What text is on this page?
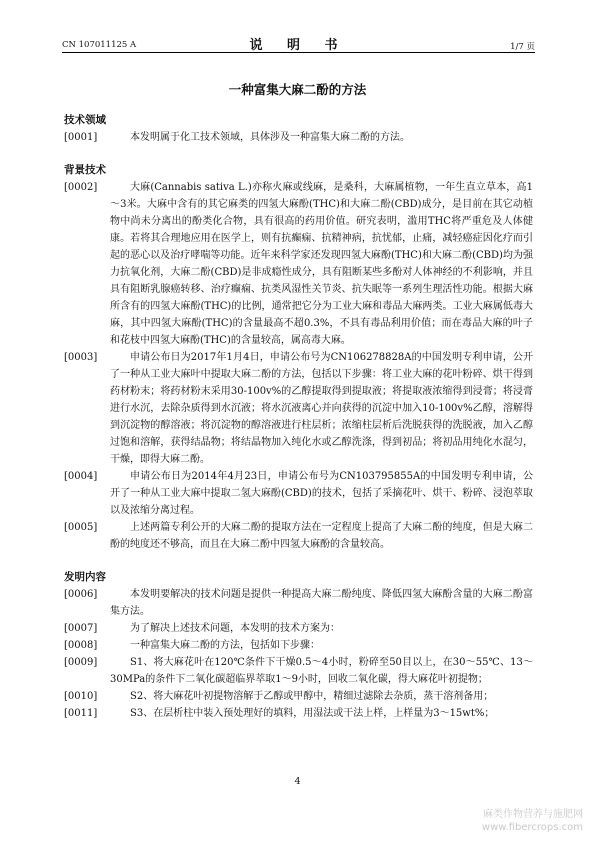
CN 107011125 A	说 明 书	1/7 页
一种富集大麻二酚的方法

技术领域

[0001]	本发明属于化工技术领域，具体涉及一种富集大麻二酚的方法。

背景技术

[0002]	大麻(Cannabis sativa L.)亦称火麻或线麻，是桑科，大麻属植物，一年生直立草本，高1～3米。大麻中含有的其它麻类的四氢大麻酚(THC)和大麻二酚(CBD)成分，是目前在其它动植物中尚未分离出的酚类化合物，具有很高的药用价值。研究表明，滥用THC将严重危及人体健康。若将其合理地应用在医学上，则有抗癫痫、抗精神病，抗忧郁，止痛，减轻癌症因化疗而引起的恶心以及治疗哮喘等功能。近年来科学家还发现四氢大麻酚(THC)和大麻二酚(CBD)均为强力抗氧化剂，大麻二酚(CBD)是非成瘾性成分，具有阻断某些多酚对人体神经的不利影响，并且具有阻断乳腺癌转移、治疗癫痫、抗类风湿性关节炎、抗失眠等一系列生理活性功能。根据大麻所含有的四氢大麻酚(THC)的比例，通常把它分为工业大麻和毒品大麻两类。工业大麻属低毒大麻，其中四氢大麻酚(THC)的含量最高不超0.3%，不具有毒品利用价值；而在毒品大麻的叶子和花枝中四氢大麻酚(THC)的含量较高，属高毒大麻。
[0003]	申请公布日为2017年1月4日，申请公布号为CN106278828A的中国发明专利申请，公开了一种从工业大麻叶中提取大麻二酚的方法，包括以下步骤：将工业大麻的花叶粉碎、烘干得到药材粉末；将药材粉末采用30-100v%的乙醇提取得到提取液；将提取液浓缩得到浸膏；将浸膏进行水沉，去除杂质得到水沉液；将水沉液离心并向获得的沉淀中加入10-100v%乙醇，溶解得到沉淀物的醇溶液；将沉淀物的醇溶液进行柱层析；浓缩柱层析后洗脱获得的洗脱液，加入乙醇过饱和溶解，获得结晶物；将结晶物加入纯化水或乙醇洗涤，得到初品；将初品用纯化水混匀，干燥，即得大麻二酚。
[0004]	申请公布日为2014年4月23日，申请公布号为CN103795855A的中国发明专利申请，公开了一种从工业大麻中提取二氢大麻酚(CBD)的技术，包括了采摘花叶、烘干、粉碎、浸泡萃取以及浓缩分离过程。
[0005]	上述两篇专利公开的大麻二酚的提取方法在一定程度上提高了大麻二酚的纯度，但是大麻二酚的纯度还不够高，而且在大麻二酚中四氢大麻酚的含量较高。

发明内容

[0006]	本发明要解决的技术问题是提供一种提高大麻二酚纯度、降低四氢大麻酚含量的大麻二酚富集方法。
[0007]	为了解决上述技术问题，本发明的技术方案为：
[0008]	一种富集大麻二酚的方法，包括如下步骤：
[0009]	S1、将大麻花叶在120℃条件下干燥0.5～4小时，粉碎至50目以上，在30～55℃、13～30MPa的条件下二氧化碳超临界萃取1～9小时，回收二氧化碳，得大麻花叶初提物；
[0010]	S2、将大麻花叶初提物溶解于乙醇或甲醇中，精细过滤除去杂质，蒸干溶剂备用；
[0011]	S3、在层析柱中装入预处理好的填料，用湿法或干法上样，上样量为3～15wt%；
4
麻类作物营养与施肥网
www.fibercrops.com
